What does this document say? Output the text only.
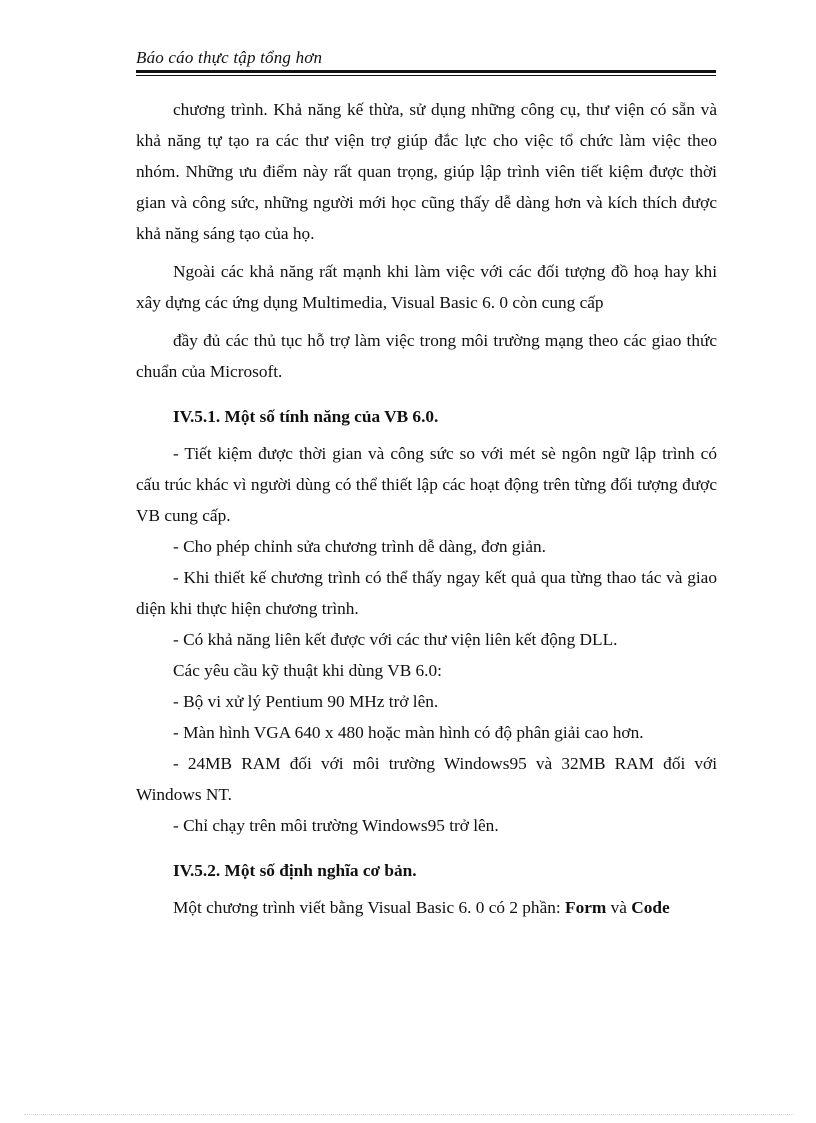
Báo cáo thực tập tổng hơn

chương trình. Khả năng kế thừa, sử dụng những công cụ, thư viện có sẵn và khả năng tự tạo ra các thư viện trợ giúp đắc lực cho việc tổ chức làm việc theo nhóm. Những ưu điểm này rất quan trọng, giúp lập trình viên tiết kiệm được thời gian và công sức, những người mới học cũng thấy dễ dàng hơn và kích thích được khả năng sáng tạo của họ.

Ngoài các khả năng rất mạnh khi làm việc với các đối tượng đồ hoạ hay khi xây dựng các ứng dụng Multimedia, Visual Basic 6. 0 còn cung cấp

đầy đủ các thủ tục hỗ trợ làm việc trong môi trường mạng theo các giao thức chuẩn của Microsoft.

IV.5.1. Một số tính năng của VB 6.0.

- Tiết kiệm được thời gian và công sức so với mét sè ngôn ngữ lập trình có cấu trúc khác vì người dùng có thể thiết lập các hoạt động trên từng đối tượng được VB cung cấp.

- Cho phép chỉnh sửa chương trình dễ dàng, đơn giản.

- Khi thiết kế chương trình có thể thấy ngay kết quả qua từng thao tác và giao diện khi thực hiện chương trình.

- Có khả năng liên kết được với các thư viện liên kết động DLL.

Các yêu cầu kỹ thuật khi dùng VB 6.0:

- Bộ vi xử lý Pentium 90 MHz trở lên.

- Màn hình VGA 640 x 480 hoặc màn hình có độ phân giải cao hơn.

- 24MB RAM đối với môi trường Windows95 và 32MB RAM đối với Windows NT.

- Chỉ chạy trên môi trường Windows95 trở lên.

IV.5.2. Một số định nghĩa cơ bản.

Một chương trình viết bằng Visual Basic 6. 0 có 2 phần: Form và Code
